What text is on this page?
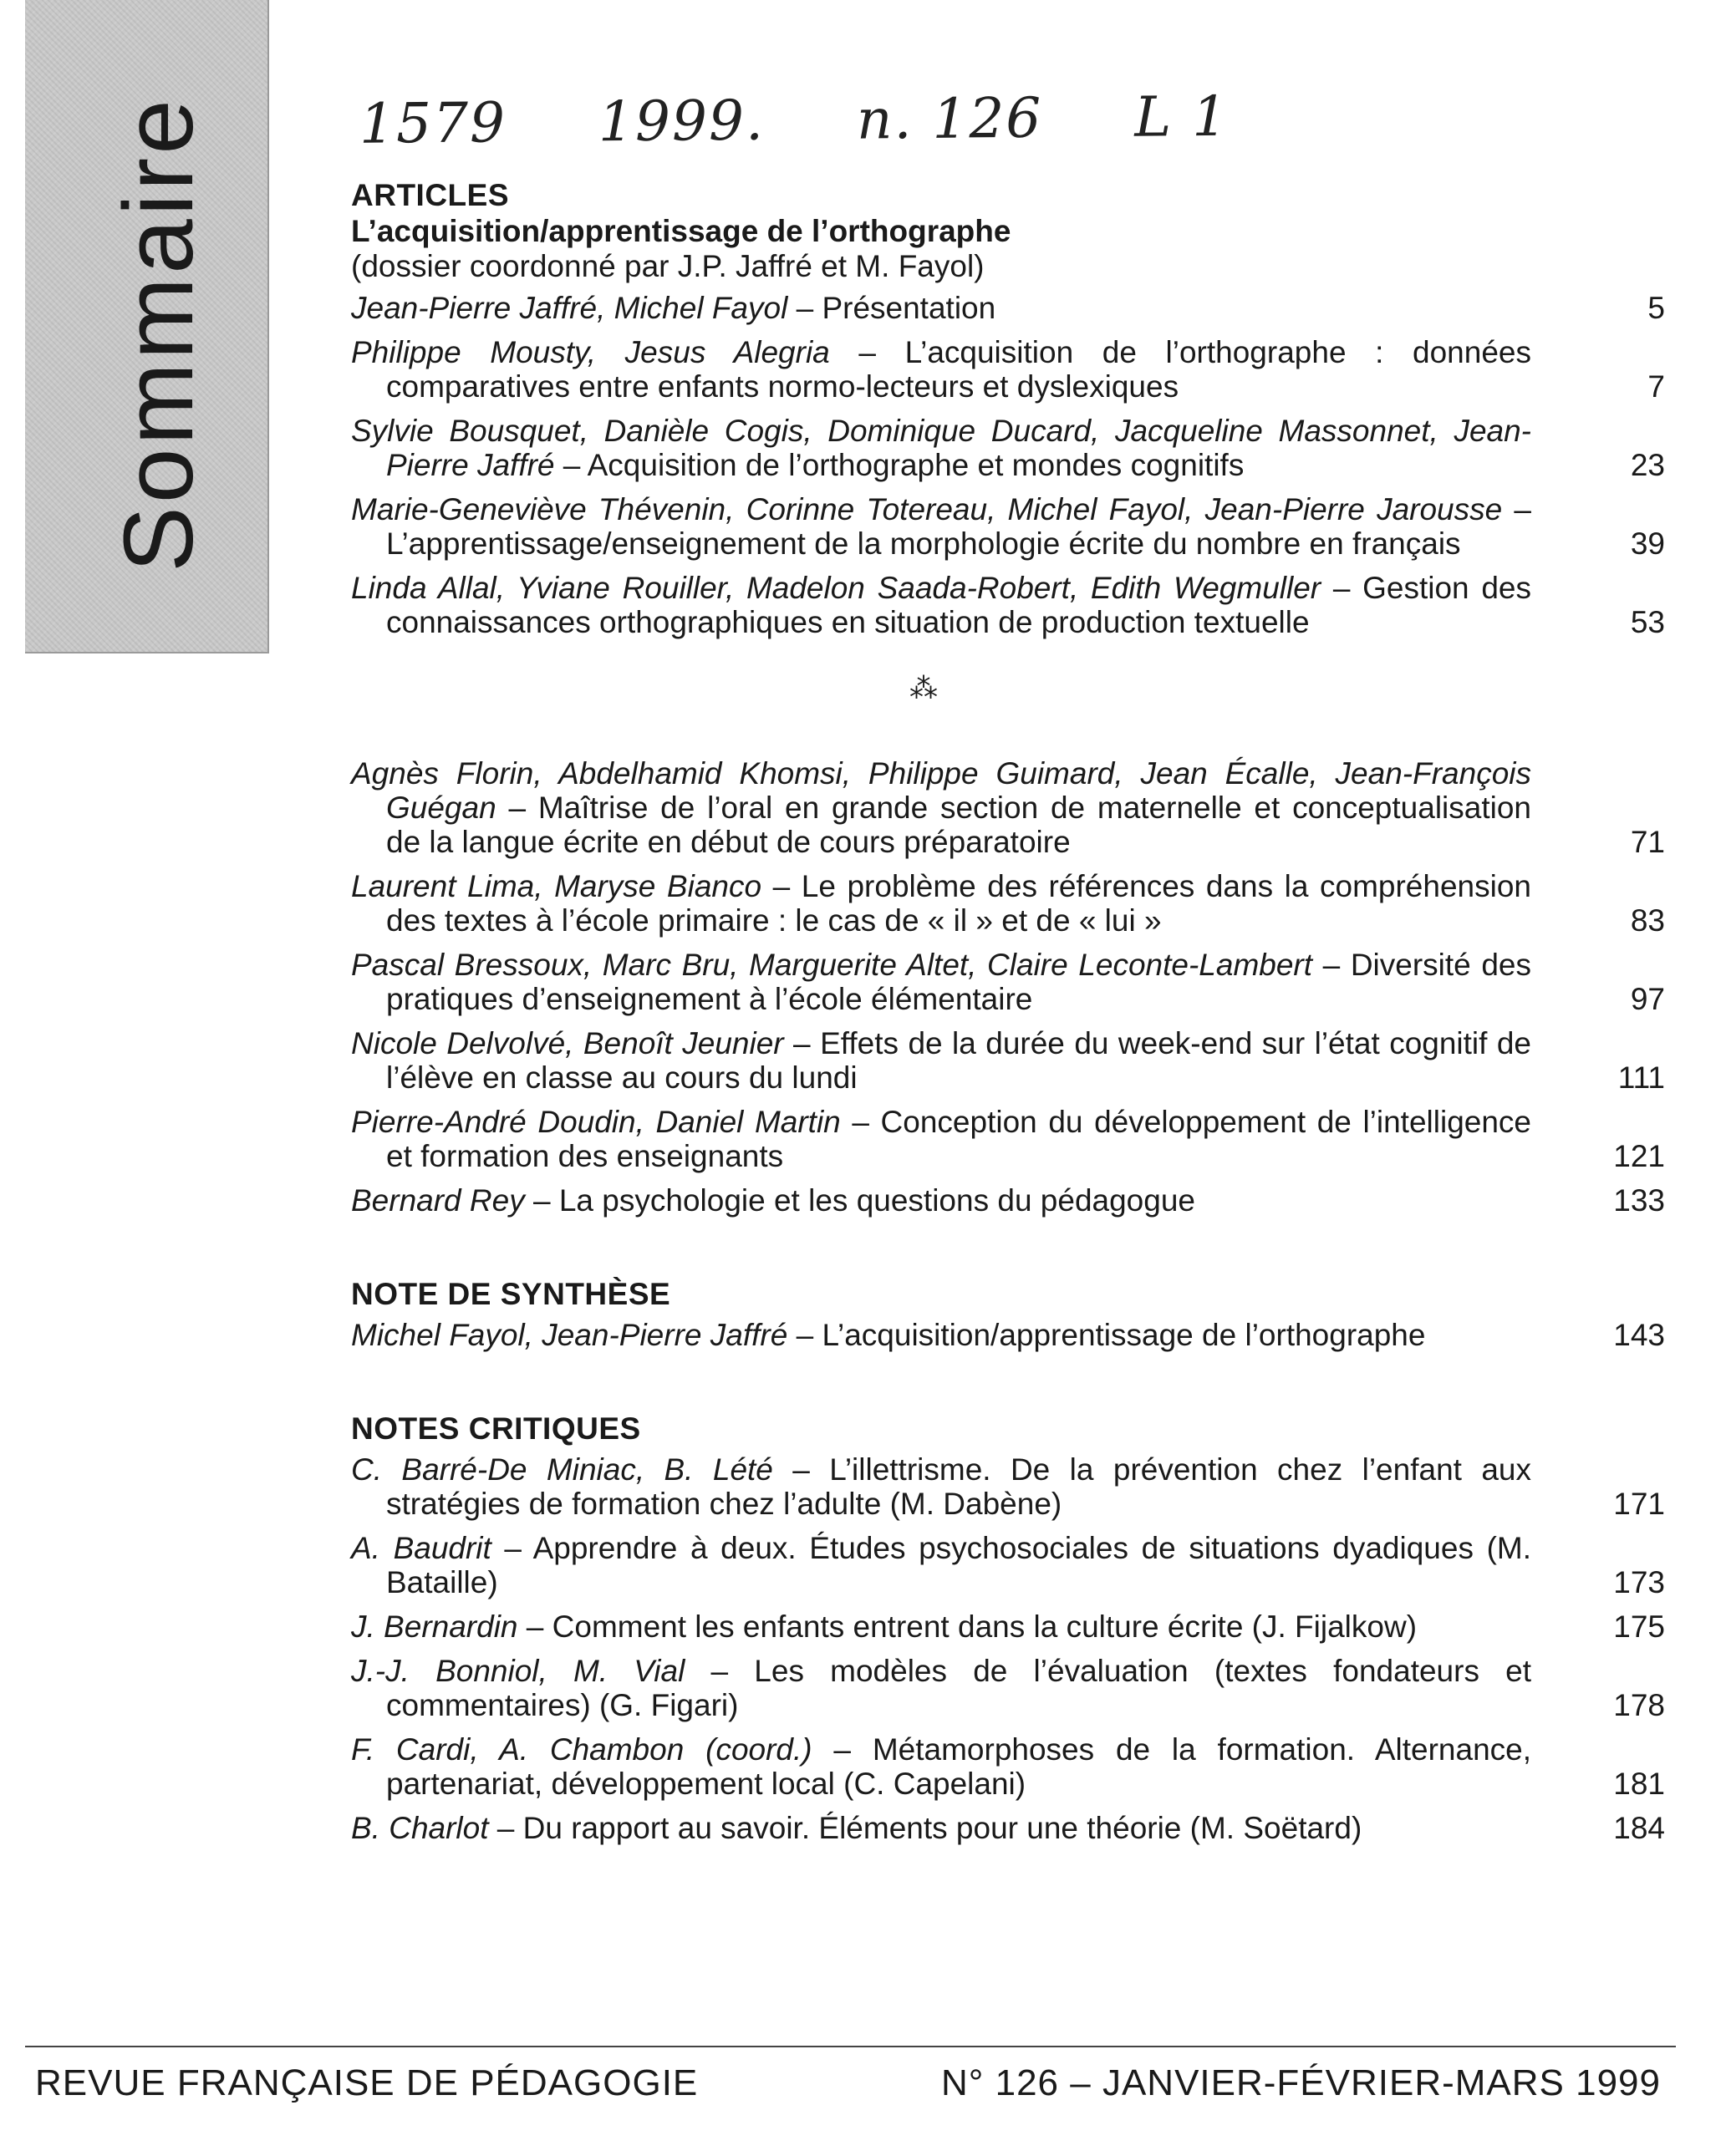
Sommaire	1579 1999. n. 126 L 1
ARTICLES
L’acquisition/apprentissage de l’orthographe
(dossier coordonné par J.P. Jaffré et M. Fayol)
Jean-Pierre Jaffré, Michel Fayol – Présentation	5
Philippe Mousty, Jesus Alegria – L’acquisition de l’orthographe : données comparatives entre enfants normo-lecteurs et dyslexiques	7
Sylvie Bousquet, Danièle Cogis, Dominique Ducard, Jacqueline Massonnet, Jean-Pierre Jaffré – Acquisition de l’orthographe et mondes cognitifs	23
Marie-Geneviève Thévenin, Corinne Totereau, Michel Fayol, Jean-Pierre Jarousse – L’apprentissage/enseignement de la morphologie écrite du nombre en français	39
Linda Allal, Yviane Rouiller, Madelon Saada-Robert, Edith Wegmuller – Gestion des connaissances orthographiques en situation de production textuelle	53
⁂
Agnès Florin, Abdelhamid Khomsi, Philippe Guimard, Jean Écalle, Jean-François Guégan – Maîtrise de l’oral en grande section de maternelle et conceptualisation de la langue écrite en début de cours préparatoire	71
Laurent Lima, Maryse Bianco – Le problème des références dans la compréhension des textes à l’école primaire : le cas de « il » et de « lui »	83
Pascal Bressoux, Marc Bru, Marguerite Altet, Claire Leconte-Lambert – Diversité des pratiques d’enseignement à l’école élémentaire	97
Nicole Delvolvé, Benoît Jeunier – Effets de la durée du week-end sur l’état cognitif de l’élève en classe au cours du lundi	111
Pierre-André Doudin, Daniel Martin – Conception du développement de l’intelligence et formation des enseignants	121
Bernard Rey – La psychologie et les questions du pédagogue	133
NOTE DE SYNTHÈSE
Michel Fayol, Jean-Pierre Jaffré – L’acquisition/apprentissage de l’orthographe	143
NOTES CRITIQUES
C. Barré-De Miniac, B. Lété – L’illettrisme. De la prévention chez l’enfant aux stratégies de formation chez l’adulte (M. Dabène)	171
A. Baudrit – Apprendre à deux. Études psychosociales de situations dyadiques (M. Bataille)	173
J. Bernardin – Comment les enfants entrent dans la culture écrite (J. Fijalkow)	175
J.-J. Bonniol, M. Vial – Les modèles de l’évaluation (textes fondateurs et commentaires) (G. Figari)	178
F. Cardi, A. Chambon (coord.) – Métamorphoses de la formation. Alternance, partenariat, développement local (C. Capelani)	181
B. Charlot – Du rapport au savoir. Éléments pour une théorie (M. Soëtard)	184
REVUE FRANÇAISE DE PÉDAGOGIE	N° 126 – JANVIER-FÉVRIER-MARS 1999
